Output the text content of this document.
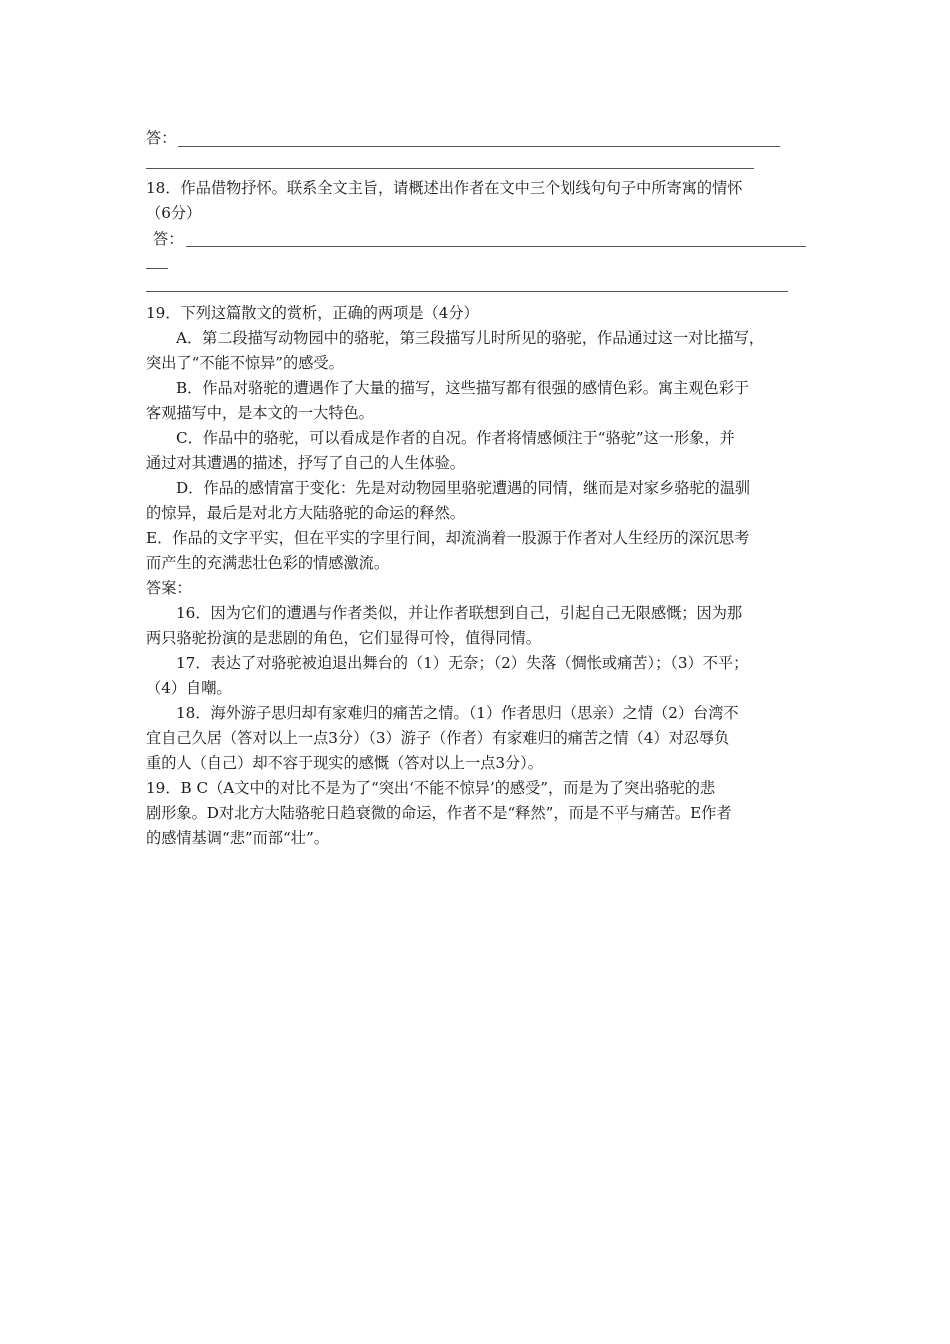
答：
18．作品借物抒怀。联系全文主旨，请概述出作者在文中三个划线句句子中所寄寓的情怀
（6分）
答：
19．下列这篇散文的赏析，正确的两项是（4分）
A．第二段描写动物园中的骆驼，第三段描写儿时所见的骆驼，作品通过这一对比描写，
突出了“不能不惊异”的感受。
B．作品对骆驼的遭遇作了大量的描写，这些描写都有很强的感情色彩。寓主观色彩于
客观描写中，是本文的一大特色。
C．作品中的骆驼，可以看成是作者的自况。作者将情感倾注于“骆驼”这一形象，并
通过对其遭遇的描述，抒写了自己的人生体验。
D．作品的感情富于变化：先是对动物园里骆驼遭遇的同情，继而是对家乡骆驼的温驯
的惊异，最后是对北方大陆骆驼的命运的释然。
E．作品的文字平实，但在平实的字里行间，却流淌着一股源于作者对人生经历的深沉思考
而产生的充满悲壮色彩的情感激流。
答案：
16．因为它们的遭遇与作者类似，并让作者联想到自己，引起自己无限感慨；因为那
两只骆驼扮演的是悲剧的角色，它们显得可怜，值得同情。
17．表达了对骆驼被迫退出舞台的（1）无奈；（2）失落（惆怅或痛苦）；（3）不平；
（4）自嘲。
18．海外游子思归却有家难归的痛苦之情。（1）作者思归（思亲）之情（2）台湾不
宜自己久居（答对以上一点3分）（3）游子（作者）有家难归的痛苦之情（4）对忍辱负
重的人（自己）却不容于现实的感慨（答对以上一点3分）。
19．B C（A文中的对比不是为了“突出‘不能不惊异’的感受”，而是为了突出骆驼的悲
剧形象。D对北方大陆骆驼日趋衰微的命运，作者不是“释然”，而是不平与痛苦。E作者
的感情基调“悲”而部“壮”。
